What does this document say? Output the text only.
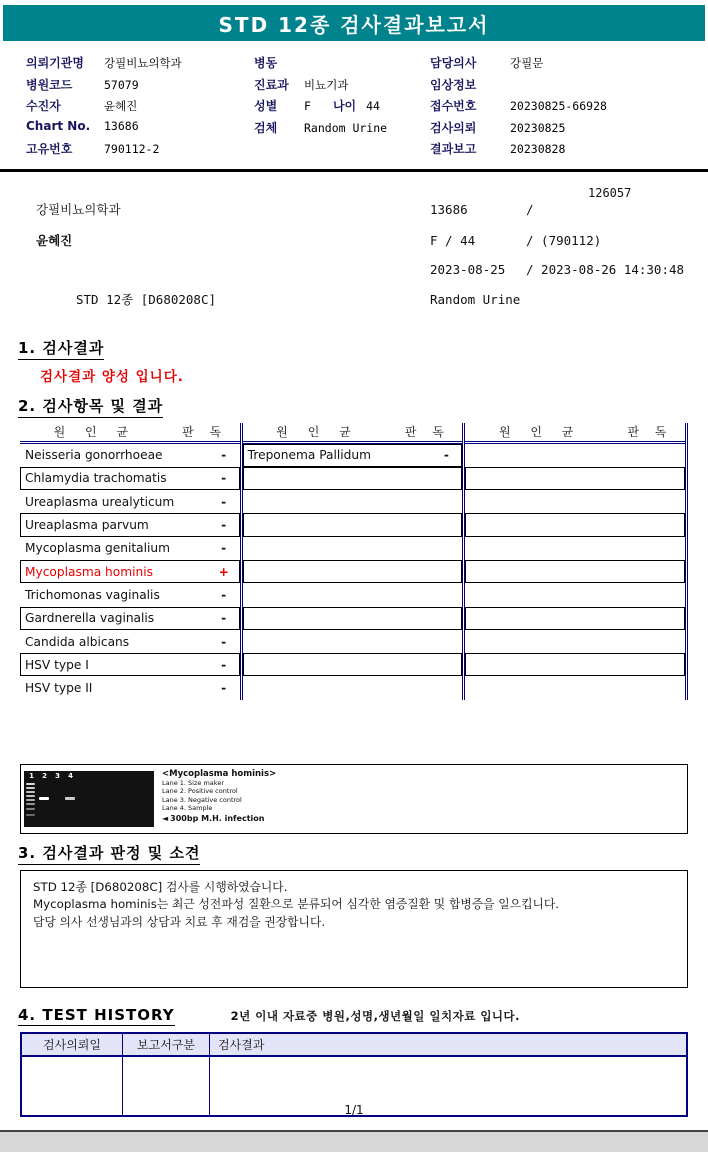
STD 12종 검사결과보고서
의뢰기관명	강필비뇨의학과
병원코드	57079
수진자	윤혜진
Chart No.	13686
고유번호	790112-2
병동
진료과	비뇨기과
성별	F 나이 44
검체	Random Urine
담당의사	강필문
임상정보
접수번호	20230825-66928
검사의뢰	20230825
결과보고	20230828
126057
강필비뇨의학과	13686	/
윤혜진	F / 44	/ (790112)
2023-08-25	/ 2023-08-26 14:30:48
STD 12종 [D680208C]	Random Urine
1. 검사결과

검사결과 양성 입니다.

2. 검사항목 및 결과
원 인 균	판 독
Neisseria gonorrhoeae	-
Chlamydia trachomatis	-
Ureaplasma urealyticum	-
Ureaplasma parvum	-
Mycoplasma genitalium	-
Mycoplasma hominis	+
Trichomonas vaginalis	-
Gardnerella vaginalis	-
Candida albicans	-
HSV type I	-
HSV type II	-
원 인 균	판 독
Treponema Pallidum	-
원 인 균	판 독
1	2	3	4	<Mycoplasma hominis>
Lane 1. Size maker
Lane 2. Positive control
Lane 3. Negative control
Lane 4. Sample
◄ 300bp M.H. infection
3. 검사결과 판정 및 소견

STD 12종 [D680208C] 검사를 시행하였습니다.

Mycoplasma hominis는 최근 성전파성 질환으로 분류되어 심각한 염증질환 및 합병증을 일으킵니다.

담당 의사 선생님과의 상담과 치료 후 재검을 권장합니다.

4. TEST HISTORY	2년 이내 자료중 병원,성명,생년월일 일치자료 입니다.
검사의뢰일	보고서구분	검사결과
1/1
